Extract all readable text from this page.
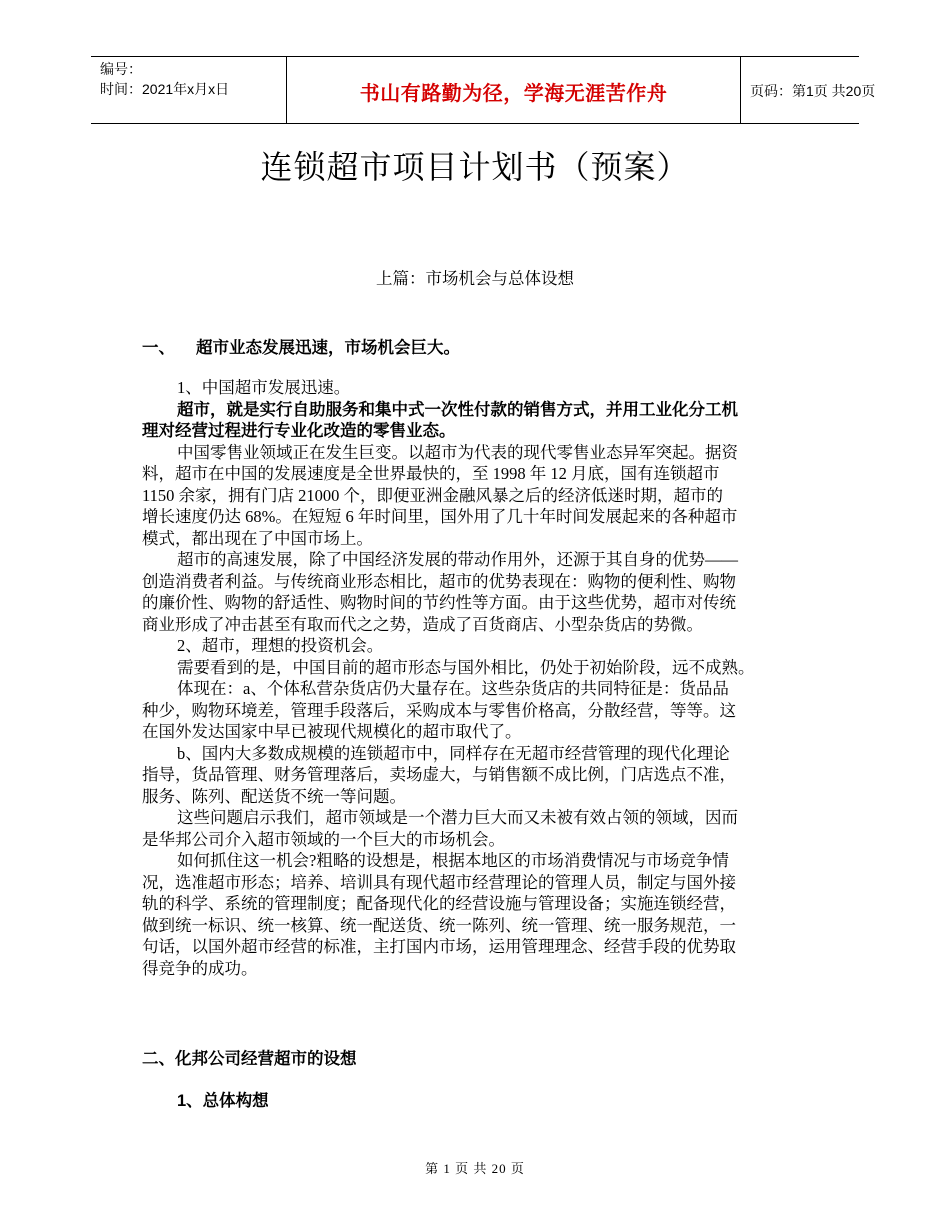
编号：
时间：2021年x月x日	书山有路勤为径，学海无涯苦作舟	页码：第1页 共20页
连锁超市项目计划书（预案）
上篇：市场机会与总体设想
一、 超市业态发展迅速，市场机会巨大。
1、中国超市发展迅速。
超市，就是实行自助服务和集中式一次性付款的销售方式，并用工业化分工机
理对经营过程进行专业化改造的零售业态。
中国零售业领域正在发生巨变。以超市为代表的现代零售业态异军突起。据资
料，超市在中国的发展速度是全世界最快的，至 1998 年 12 月底，国有连锁超市
1150 余家，拥有门店 21000 个，即便亚洲金融风暴之后的经济低迷时期，超市的
增长速度仍达 68%。在短短 6 年时间里，国外用了几十年时间发展起来的各种超市
模式，都出现在了中国市场上。
超市的高速发展，除了中国经济发展的带动作用外，还源于其自身的优势——
创造消费者利益。与传统商业形态相比，超市的优势表现在：购物的便利性、购物
的廉价性、购物的舒适性、购物时间的节约性等方面。由于这些优势，超市对传统
商业形成了冲击甚至有取而代之之势，造成了百货商店、小型杂货店的势微。
2、超市，理想的投资机会。
需要看到的是，中国目前的超市形态与国外相比，仍处于初始阶段，远不成熟。
体现在：a、个体私营杂货店仍大量存在。这些杂货店的共同特征是：货品品
种少，购物环境差，管理手段落后，采购成本与零售价格高，分散经营，等等。这
在国外发达国家中早已被现代规模化的超市取代了。
b、国内大多数成规模的连锁超市中，同样存在无超市经营管理的现代化理论
指导，货品管理、财务管理落后，卖场虚大，与销售额不成比例，门店选点不准，
服务、陈列、配送货不统一等问题。
这些问题启示我们，超市领域是一个潜力巨大而又未被有效占领的领域，因而
是华邦公司介入超市领域的一个巨大的市场机会。
如何抓住这一机会?粗略的设想是，根据本地区的市场消费情况与市场竞争情
况，选准超市形态；培养、培训具有现代超市经营理论的管理人员，制定与国外接
轨的科学、系统的管理制度；配备现代化的经营设施与管理设备；实施连锁经营，
做到统一标识、统一核算、统一配送货、统一陈列、统一管理、统一服务规范，一
句话，以国外超市经营的标准，主打国内市场，运用管理理念、经营手段的优势取
得竞争的成功。
二、化邦公司经营超市的设想
1、总体构想
第 1 页 共 20 页
